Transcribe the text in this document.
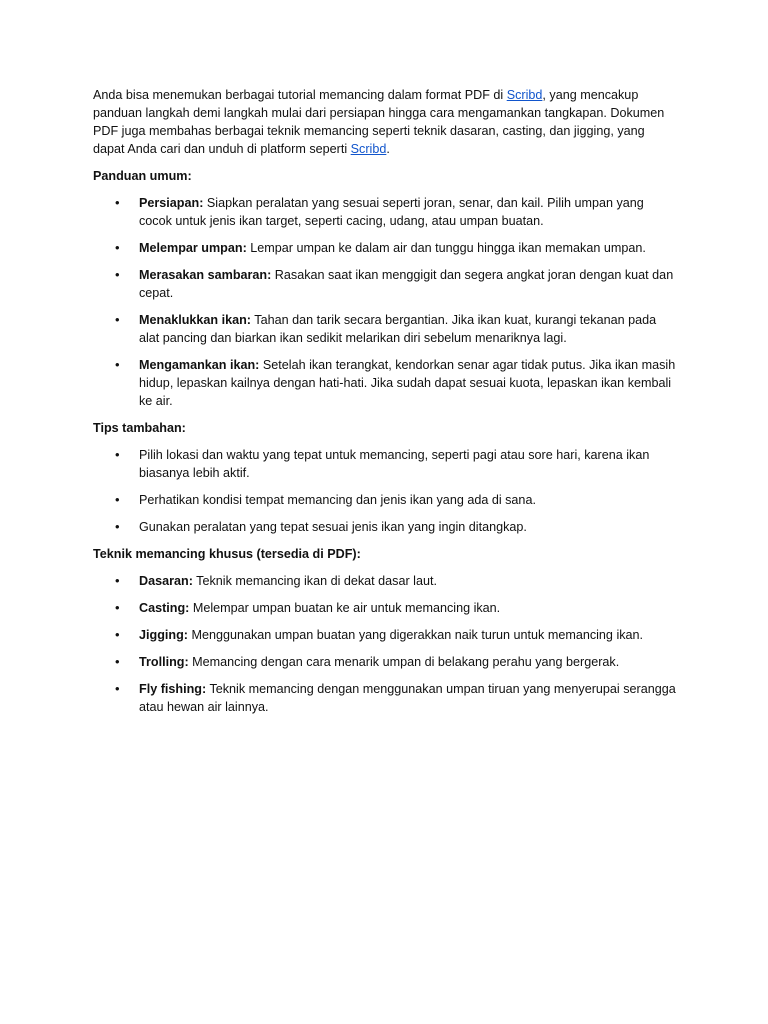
Anda bisa menemukan berbagai tutorial memancing dalam format PDF di Scribd, yang mencakup panduan langkah demi langkah mulai dari persiapan hingga cara mengamankan tangkapan. Dokumen PDF juga membahas berbagai teknik memancing seperti teknik dasaran, casting, dan jigging, yang dapat Anda cari dan unduh di platform seperti Scribd.

Panduan umum:
• Persiapan: Siapkan peralatan yang sesuai seperti joran, senar, dan kail. Pilih umpan yang cocok untuk jenis ikan target, seperti cacing, udang, atau umpan buatan.
• Melempar umpan: Lempar umpan ke dalam air dan tunggu hingga ikan memakan umpan.
• Merasakan sambaran: Rasakan saat ikan menggigit dan segera angkat joran dengan kuat dan cepat.
• Menaklukkan ikan: Tahan dan tarik secara bergantian. Jika ikan kuat, kurangi tekanan pada alat pancing dan biarkan ikan sedikit melarikan diri sebelum menariknya lagi.
• Mengamankan ikan: Setelah ikan terangkat, kendorkan senar agar tidak putus. Jika ikan masih hidup, lepaskan kailnya dengan hati-hati. Jika sudah dapat sesuai kuota, lepaskan ikan kembali ke air.
Tips tambahan:
• Pilih lokasi dan waktu yang tepat untuk memancing, seperti pagi atau sore hari, karena ikan biasanya lebih aktif.
• Perhatikan kondisi tempat memancing dan jenis ikan yang ada di sana.
• Gunakan peralatan yang tepat sesuai jenis ikan yang ingin ditangkap.
Teknik memancing khusus (tersedia di PDF):
• Dasaran: Teknik memancing ikan di dekat dasar laut.
• Casting: Melempar umpan buatan ke air untuk memancing ikan.
• Jigging: Menggunakan umpan buatan yang digerakkan naik turun untuk memancing ikan.
• Trolling: Memancing dengan cara menarik umpan di belakang perahu yang bergerak.
• Fly fishing: Teknik memancing dengan menggunakan umpan tiruan yang menyerupai serangga atau hewan air lainnya.
